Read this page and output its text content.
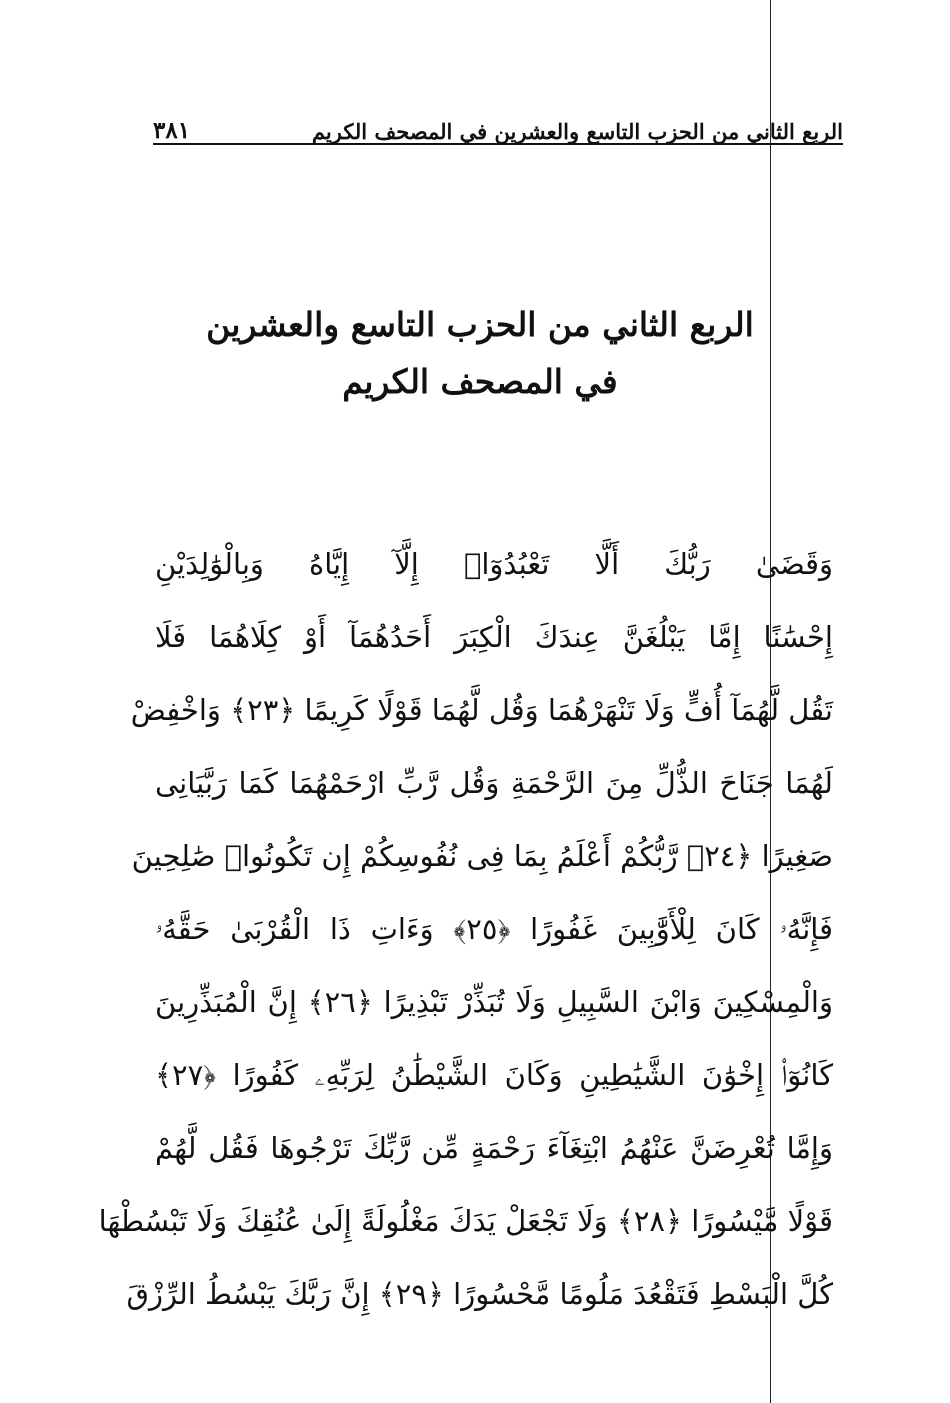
الربع الثاني من الحزب التاسع والعشرين في المصحف الكريم
٣٨١
الربع الثاني من الحزب التاسع والعشرين
في المصحف الكريم
وَقَضَىٰ رَبُّكَ أَلَّا تَعْبُدُوٓا۟ إِلَّآ إِيَّاهُ وَبِالْوَٰلِدَيْنِ
إِحْسَٰنًا إِمَّا يَبْلُغَنَّ عِندَكَ الْكِبَرَ أَحَدُهُمَآ أَوْ كِلَاهُمَا فَلَا
تَقُل لَّهُمَآ أُفٍّ وَلَا تَنْهَرْهُمَا وَقُل لَّهُمَا قَوْلًا كَرِيمًا ﴿٢٣﴾ وَاخْفِضْ
لَهُمَا جَنَاحَ الذُّلِّ مِنَ الرَّحْمَةِ وَقُل رَّبِّ ارْحَمْهُمَا كَمَا رَبَّيَانِى
صَغِيرًا ﴿٢٤﴾ رَّبُّكُمْ أَعْلَمُ بِمَا فِى نُفُوسِكُمْ إِن تَكُونُوا۟ صَٰلِحِينَ
فَإِنَّهُۥ كَانَ لِلْأَوَّٰبِينَ غَفُورًا ﴿٢٥﴾ وَءَاتِ ذَا الْقُرْبَىٰ حَقَّهُۥ
وَالْمِسْكِينَ وَابْنَ السَّبِيلِ وَلَا تُبَذِّرْ تَبْذِيرًا ﴿٢٦﴾ إِنَّ الْمُبَذِّرِينَ
كَانُوٓا۟ إِخْوَٰنَ الشَّيَٰطِينِ وَكَانَ الشَّيْطَٰنُ لِرَبِّهِۦ كَفُورًا ﴿٢٧﴾
وَإِمَّا تُعْرِضَنَّ عَنْهُمُ ابْتِغَآءَ رَحْمَةٍ مِّن رَّبِّكَ تَرْجُوهَا فَقُل لَّهُمْ
قَوْلًا مَّيْسُورًا ﴿٢٨﴾ وَلَا تَجْعَلْ يَدَكَ مَغْلُولَةً إِلَىٰ عُنُقِكَ وَلَا تَبْسُطْهَا
كُلَّ الْبَسْطِ فَتَقْعُدَ مَلُومًا مَّحْسُورًا ﴿٢٩﴾ إِنَّ رَبَّكَ يَبْسُطُ الرِّزْقَ
